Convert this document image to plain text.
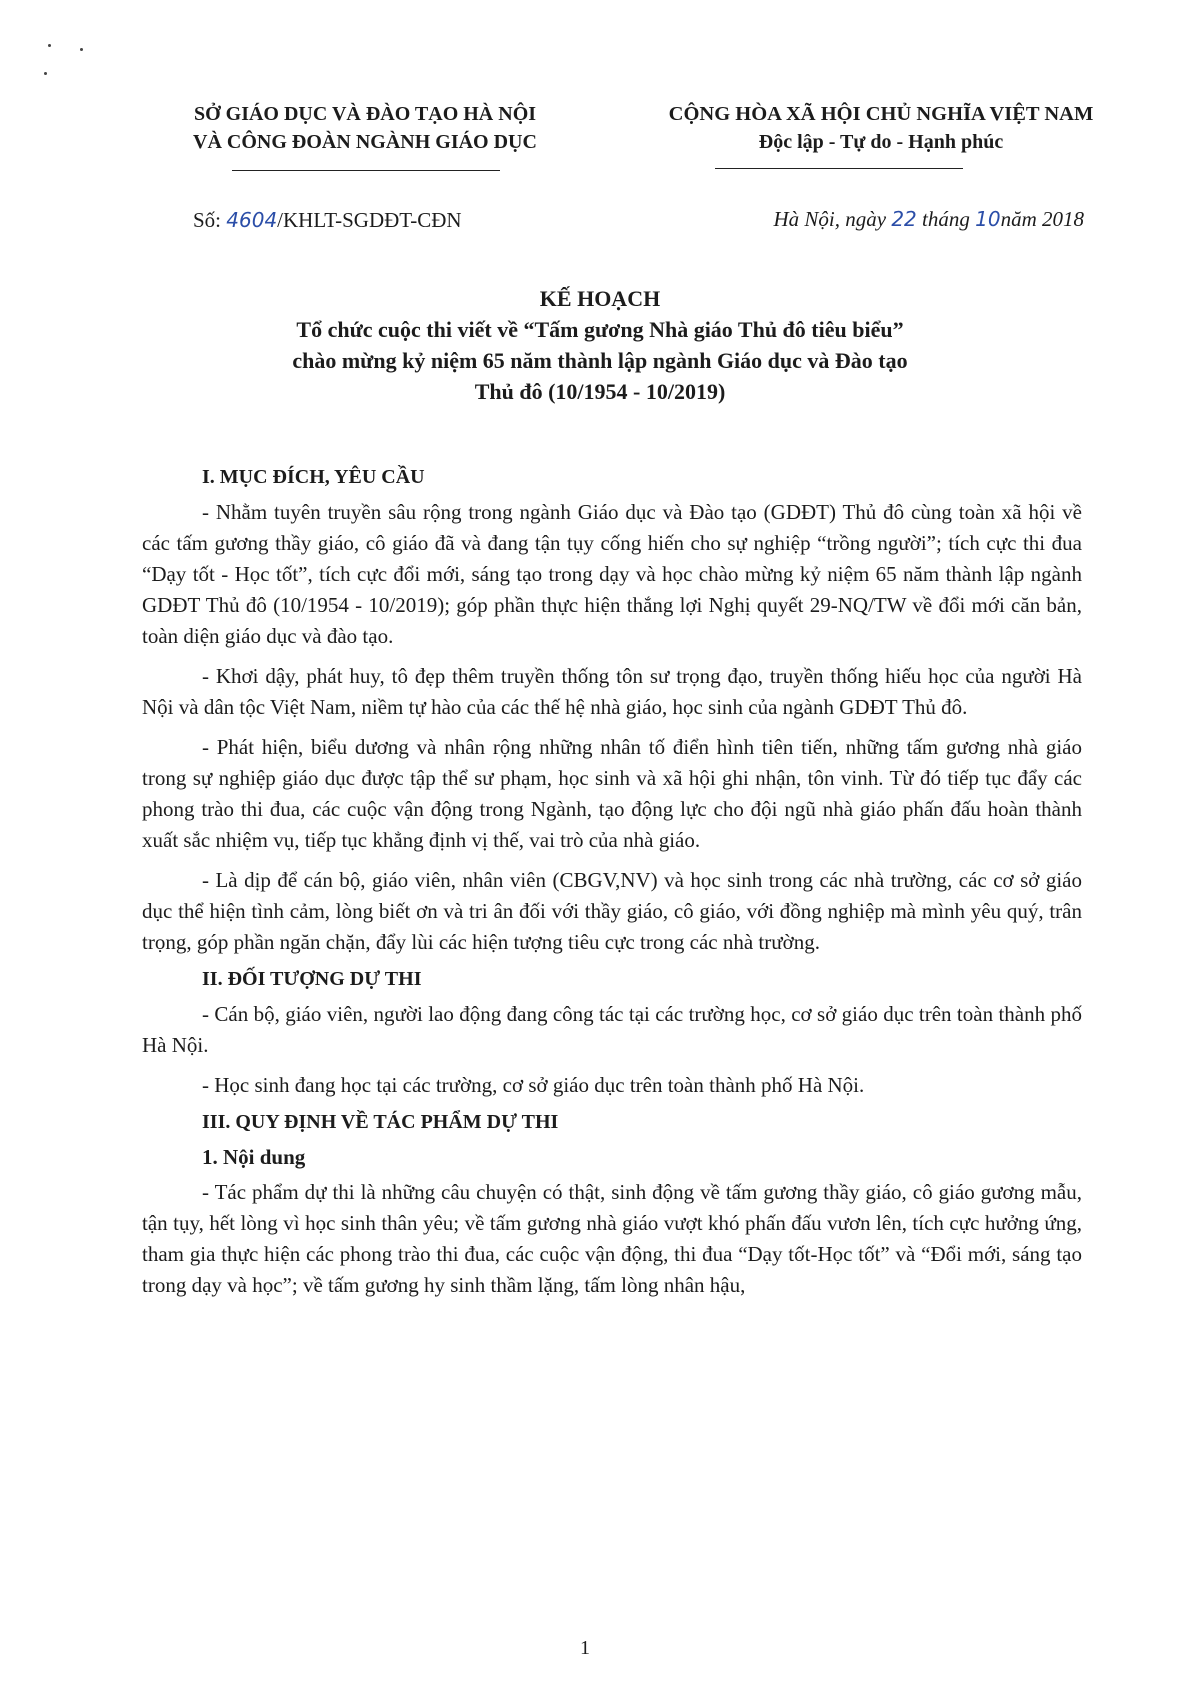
SỞ GIÁO DỤC VÀ ĐÀO TẠO HÀ NỘI
VÀ CÔNG ĐOÀN NGÀNH GIÁO DỤC
CỘNG HÒA XÃ HỘI CHỦ NGHĨA VIỆT NAM
Độc lập - Tự do - Hạnh phúc
Số: 4604/KHLT-SGDĐT-CĐN	Hà Nội, ngày 22 tháng 10năm 2018
KẾ HOẠCH
Tổ chức cuộc thi viết về “Tấm gương Nhà giáo Thủ đô tiêu biểu”
chào mừng kỷ niệm 65 năm thành lập ngành Giáo dục và Đào tạo
Thủ đô (10/1954 - 10/2019)
I. MỤC ĐÍCH, YÊU CẦU

- Nhằm tuyên truyền sâu rộng trong ngành Giáo dục và Đào tạo (GDĐT) Thủ đô cùng toàn xã hội về các tấm gương thầy giáo, cô giáo đã và đang tận tụy cống hiến cho sự nghiệp “trồng người”; tích cực thi đua “Dạy tốt - Học tốt”, tích cực đổi mới, sáng tạo trong dạy và học chào mừng kỷ niệm 65 năm thành lập ngành GDĐT Thủ đô (10/1954 - 10/2019); góp phần thực hiện thắng lợi Nghị quyết 29-NQ/TW về đổi mới căn bản, toàn diện giáo dục và đào tạo.

- Khơi dậy, phát huy, tô đẹp thêm truyền thống tôn sư trọng đạo, truyền thống hiếu học của người Hà Nội và dân tộc Việt Nam, niềm tự hào của các thế hệ nhà giáo, học sinh của ngành GDĐT Thủ đô.

- Phát hiện, biểu dương và nhân rộng những nhân tố điển hình tiên tiến, những tấm gương nhà giáo trong sự nghiệp giáo dục được tập thể sư phạm, học sinh và xã hội ghi nhận, tôn vinh. Từ đó tiếp tục đẩy các phong trào thi đua, các cuộc vận động trong Ngành, tạo động lực cho đội ngũ nhà giáo phấn đấu hoàn thành xuất sắc nhiệm vụ, tiếp tục khẳng định vị thế, vai trò của nhà giáo.

- Là dịp để cán bộ, giáo viên, nhân viên (CBGV,NV) và học sinh trong các nhà trường, các cơ sở giáo dục thể hiện tình cảm, lòng biết ơn và tri ân đối với thầy giáo, cô giáo, với đồng nghiệp mà mình yêu quý, trân trọng, góp phần ngăn chặn, đẩy lùi các hiện tượng tiêu cực trong các nhà trường.

II. ĐỐI TƯỢNG DỰ THI

- Cán bộ, giáo viên, người lao động đang công tác tại các trường học, cơ sở giáo dục trên toàn thành phố Hà Nội.

- Học sinh đang học tại các trường, cơ sở giáo dục trên toàn thành phố Hà Nội.

III. QUY ĐỊNH VỀ TÁC PHẨM DỰ THI
1. Nội dung

- Tác phẩm dự thi là những câu chuyện có thật, sinh động về tấm gương thầy giáo, cô giáo gương mẫu, tận tụy, hết lòng vì học sinh thân yêu; về tấm gương nhà giáo vượt khó phấn đấu vươn lên, tích cực hưởng ứng, tham gia thực hiện các phong trào thi đua, các cuộc vận động, thi đua “Dạy tốt-Học tốt” và “Đổi mới, sáng tạo trong dạy và học”; về tấm gương hy sinh thầm lặng, tấm lòng nhân hậu,

1
